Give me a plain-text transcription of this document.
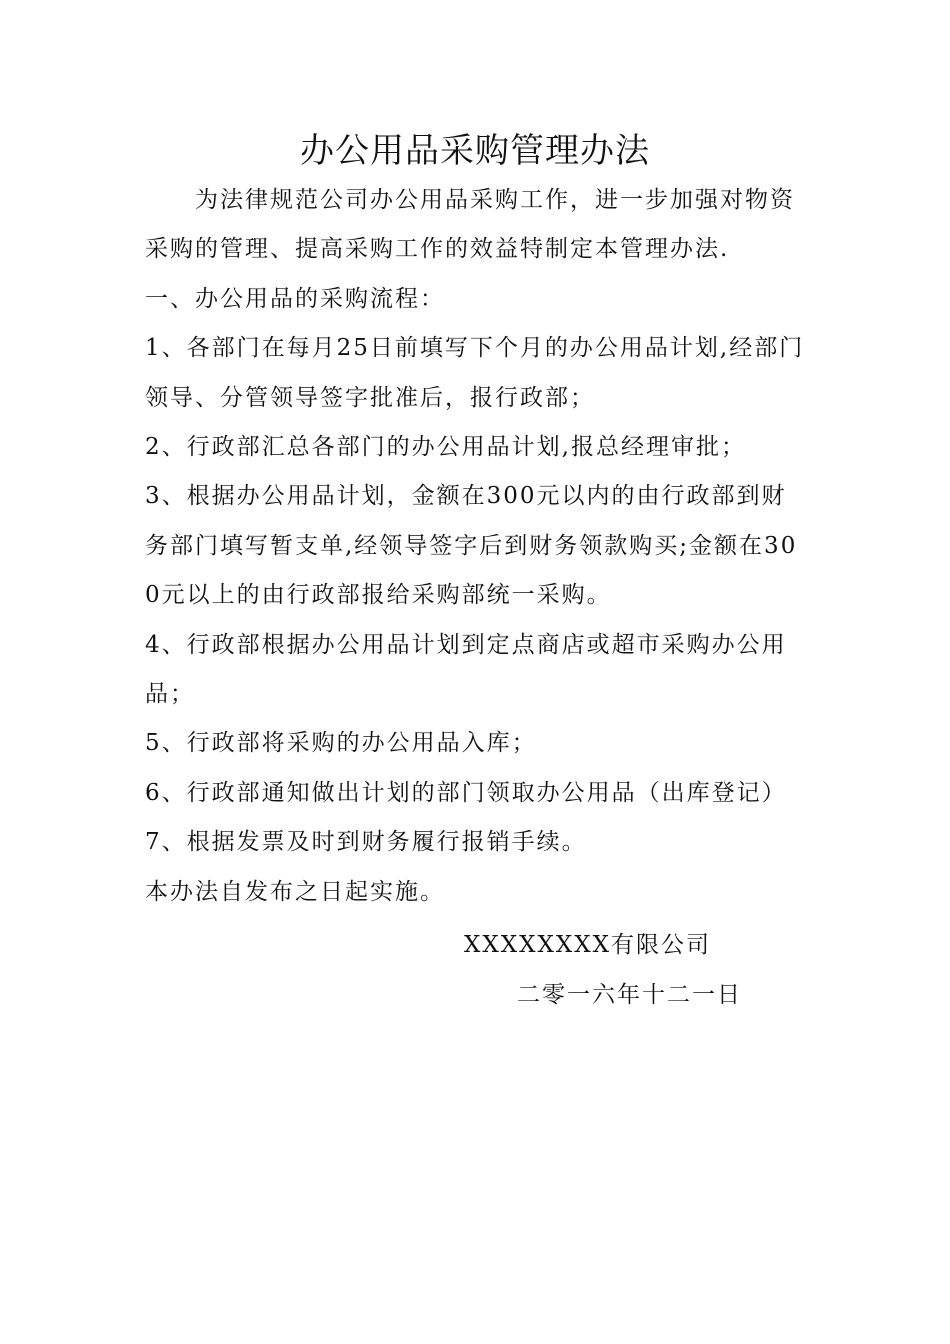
办公用品采购管理办法

为法律规范公司办公用品采购工作，进一步加强对物资采购的管理、提高采购工作的效益特制定本管理办法.

一、办公用品的采购流程：

1、各部门在每月25日前填写下个月的办公用品计划,经部门领导、分管领导签字批准后，报行政部；

2、行政部汇总各部门的办公用品计划,报总经理审批；

3、根据办公用品计划，金额在300元以内的由行政部到财务部门填写暂支单,经领导签字后到财务领款购买;金额在300元以上的由行政部报给采购部统一采购。

4、行政部根据办公用品计划到定点商店或超市采购办公用品；

5、行政部将采购的办公用品入库；

6、行政部通知做出计划的部门领取办公用品（出库登记）

7、根据发票及时到财务履行报销手续。

本办法自发布之日起实施。

XXXXXXXX有限公司
二零一六年十二一日
